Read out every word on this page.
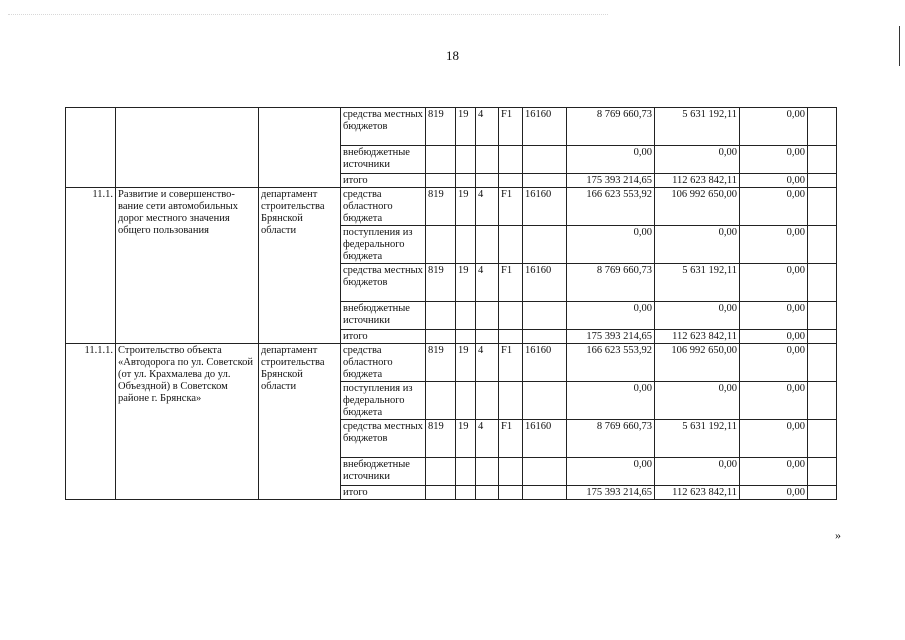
18
			средства местных бюджетов	819	19	4	F1	16160	8 769 660,73	5 631 192,11	0,00	
			внебюджетные источники						0,00	0,00	0,00	
			итого						175 393 214,65	112 623 842,11	0,00	
11.1.	Развитие и совершенство-вание сети автомобильных дорог местного значения общего пользования	департамент строительства Брянской области	средства областного бюджета	819	19	4	F1	16160	166 623 553,92	106 992 650,00	0,00	
			поступления из федерального бюджета						0,00	0,00	0,00	
			средства местных бюджетов	819	19	4	F1	16160	8 769 660,73	5 631 192,11	0,00	
			внебюджетные источники						0,00	0,00	0,00	
			итого						175 393 214,65	112 623 842,11	0,00	
11.1.1.	Строительство объекта «Автодорога по ул. Советской (от ул. Крахмалева до ул. Объездной) в Советском районе г. Брянска»	департамент строительства Брянской области	средства областного бюджета	819	19	4	F1	16160	166 623 553,92	106 992 650,00	0,00	
			поступления из федерального бюджета						0,00	0,00	0,00	
			средства местных бюджетов	819	19	4	F1	16160	8 769 660,73	5 631 192,11	0,00	
			внебюджетные источники						0,00	0,00	0,00	
			итого						175 393 214,65	112 623 842,11	0,00	
»
